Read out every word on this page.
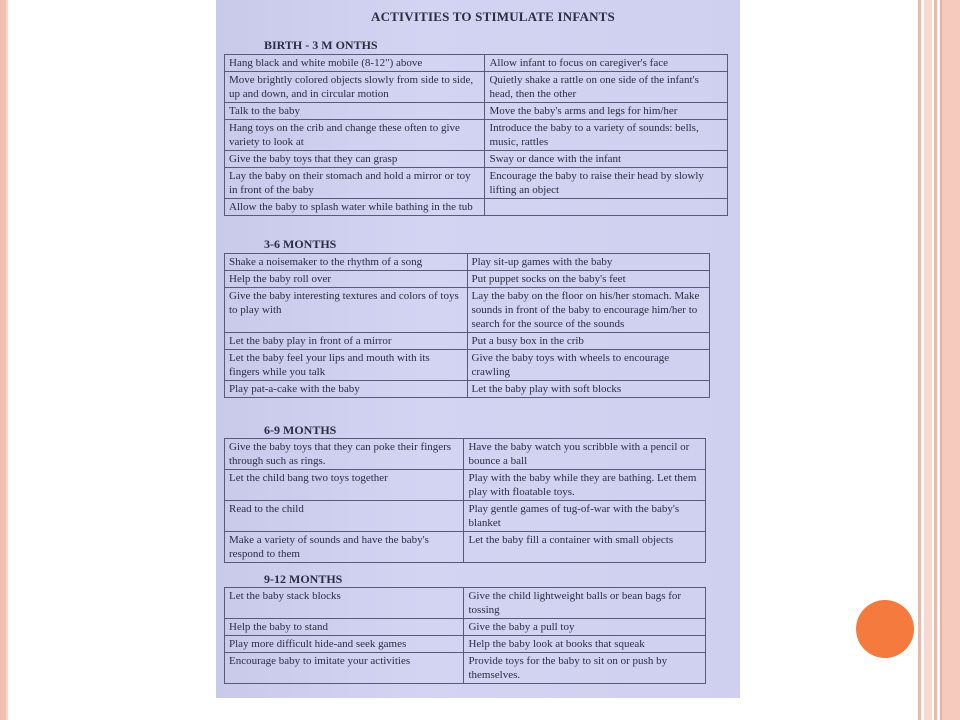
ACTIVITIES TO STIMULATE INFANTS
BIRTH - 3 M ONTHS
Hang black and white mobile (8-12") above	Allow infant to focus on caregiver's face
Move brightly colored objects slowly from side to side, up and down, and in circular motion	Quietly shake a rattle on one side of the infant's head, then the other
Talk to the baby	Move the baby's arms and legs for him/her
Hang toys on the crib and change these often to give variety to look at	Introduce the baby to a variety of sounds: bells, music, rattles
Give the baby toys that they can grasp	Sway or dance with the infant
Lay the baby on their stomach and hold a mirror or toy in front of the baby	Encourage the baby to raise their head by slowly lifting an object
Allow the baby to splash water while bathing in the tub	
3-6 MONTHS
Shake a noisemaker to the rhythm of a song	Play sit-up games with the baby
Help the baby roll over	Put puppet socks on the baby's feet
Give the baby interesting textures and colors of toys to play with	Lay the baby on the floor on his/her stomach. Make sounds in front of the baby to encourage him/her to search for the source of the sounds
Let the baby play in front of a mirror	Put a busy box in the crib
Let the baby feel your lips and mouth with its fingers while you talk	Give the baby toys with wheels to encourage crawling
Play pat-a-cake with the baby	Let the baby play with soft blocks
6-9 MONTHS
Give the baby toys that they can poke their fingers through such as rings.	Have the baby watch you scribble with a pencil or bounce a ball
Let the child bang two toys together	Play with the baby while they are bathing. Let them play with floatable toys.
Read to the child	Play gentle games of tug-of-war with the baby's blanket
Make a variety of sounds and have the baby's respond to them	Let the baby fill a container with small objects
9-12 MONTHS
Let the baby stack blocks	Give the child lightweight balls or bean bags for tossing
Help the baby to stand	Give the baby a pull toy
Play more difficult hide-and seek games	Help the baby look at books that squeak
Encourage baby to imitate your activities	Provide toys for the baby to sit on or push by themselves.
